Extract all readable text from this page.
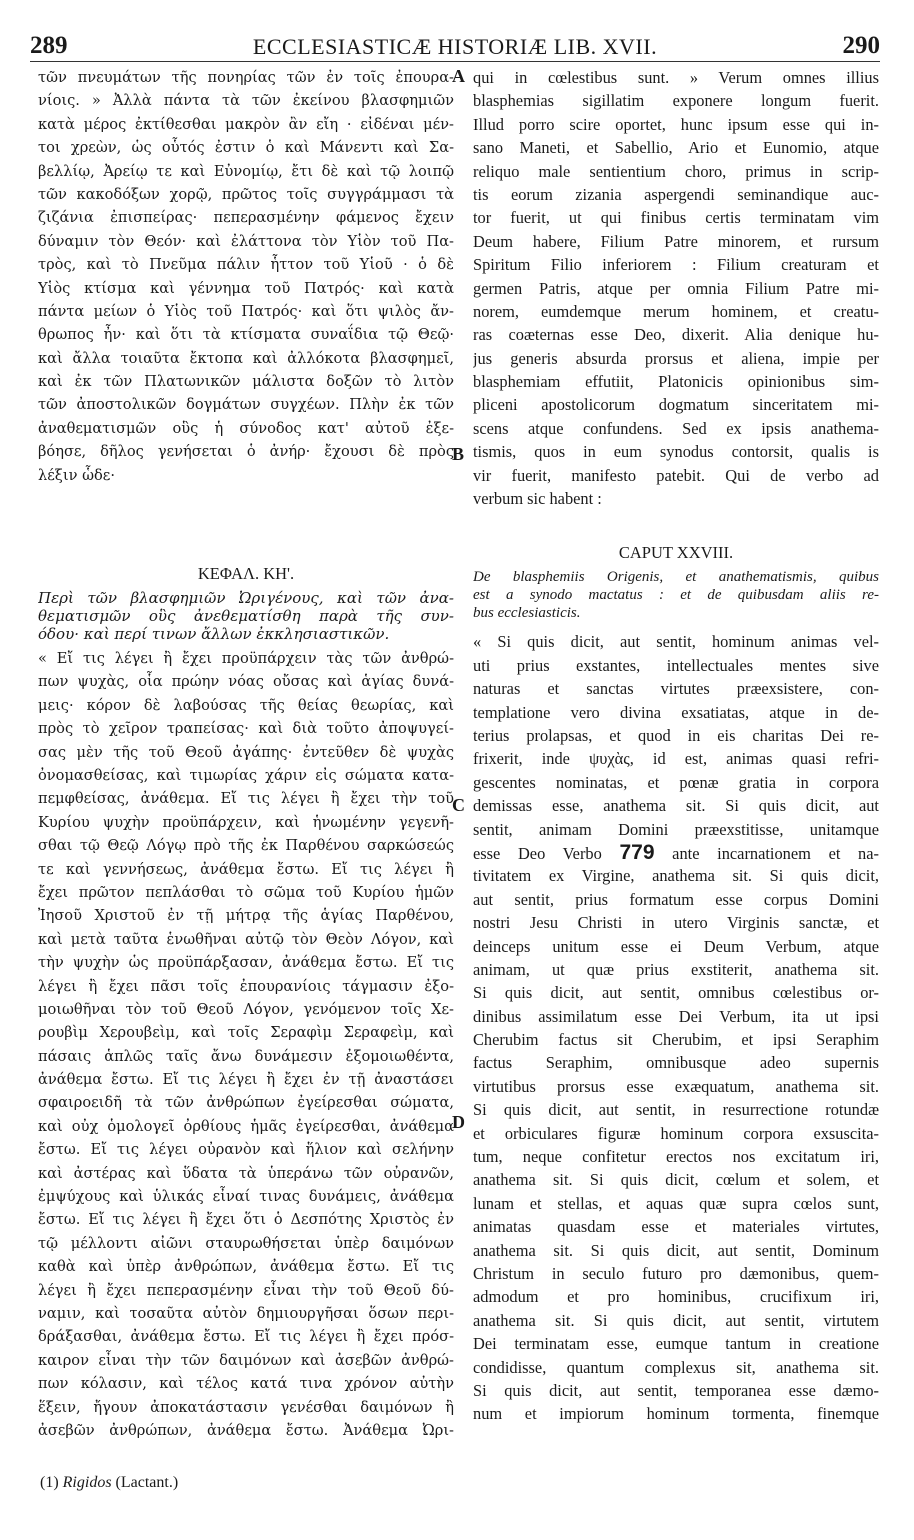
289	ECCLESIASTICÆ HISTORIÆ LIB. XVII.	290
A
B
C
D
τῶν πνευμάτων τῆς πονηρίας τῶν ἐν τοῖς ἐπουρα-
νίοις. » Ἀλλὰ πάντα τὰ τῶν ἐκείνου βλασφημιῶν
κατὰ μέρος ἐκτίθεσθαι μακρὸν ἂν εἴη · εἰδέναι μέν-
τοι χρεὼν, ὡς οὗτός ἐστιν ὁ καὶ Μάνεντι καὶ Σα-
βελλίῳ, Ἀρείῳ τε καὶ Εὐνομίῳ, ἔτι δὲ καὶ τῷ λοιπῷ
τῶν κακοδόξων χορῷ, πρῶτος τοῖς συγγράμμασι τὰ
ζιζάνια ἐπισπείρας· πεπερασμένην φάμενος ἔχειν
δύναμιν τὸν Θεόν· καὶ ἐλάττονα τὸν Υἱὸν τοῦ Πα-
τρὸς, καὶ τὸ Πνεῦμα πάλιν ἧττον τοῦ Υἱοῦ · ὁ δὲ
Υἱὸς κτίσμα καὶ γέννημα τοῦ Πατρός· καὶ κατὰ
πάντα μείων ὁ Υἱὸς τοῦ Πατρός· καὶ ὅτι ψιλὸς ἄν-
θρωπος ἦν· καὶ ὅτι τὰ κτίσματα συναΐδια τῷ Θεῷ·
καὶ ἄλλα τοιαῦτα ἔκτοπα καὶ ἀλλόκοτα βλασφημεῖ,
καὶ ἐκ τῶν Πλατωνικῶν μάλιστα δοξῶν τὸ λιτὸν
τῶν ἀποστολικῶν δογμάτων συγχέων. Πλὴν ἐκ τῶν
ἀναθεματισμῶν οὓς ἡ σύνοδος κατ' αὐτοῦ ἐξε-
βόησε, δῆλος γενήσεται ὁ ἀνήρ· ἔχουσι δὲ πρὸς
λέξιν ὧδε·
ΚΕΦΑΛ. ΚΗ'.
Περὶ τῶν βλασφημιῶν Ὠριγένους, καὶ τῶν ἀνα-
θεματισμῶν οὓς ἀνεθεματίσθη παρὰ τῆς συν-
όδου· καὶ περί τινων ἄλλων ἐκκλησιαστικῶν.
« Εἴ τις λέγει ἢ ἔχει προϋπάρχειν τὰς τῶν ἀνθρώ-
πων ψυχὰς, οἷα πρώην νόας οὔσας καὶ ἁγίας δυνά-
μεις· κόρον δὲ λαβούσας τῆς θείας θεωρίας, καὶ
πρὸς τὸ χεῖρον τραπείσας· καὶ διὰ τοῦτο ἀποψυγεί-
σας μὲν τῆς τοῦ Θεοῦ ἀγάπης· ἐντεῦθεν δὲ ψυχὰς
ὀνομασθείσας, καὶ τιμωρίας χάριν εἰς σώματα κατα-
πεμφθείσας, ἀνάθεμα. Εἴ τις λέγει ἢ ἔχει τὴν τοῦ
Κυρίου ψυχὴν προϋπάρχειν, καὶ ἡνωμένην γεγενῆ-
σθαι τῷ Θεῷ Λόγῳ πρὸ τῆς ἐκ Παρθένου σαρκώσεώς
τε καὶ γεννήσεως, ἀνάθεμα ἔστω. Εἴ τις λέγει ἢ
ἔχει πρῶτον πεπλάσθαι τὸ σῶμα τοῦ Κυρίου ἡμῶν
Ἰησοῦ Χριστοῦ ἐν τῇ μήτρᾳ τῆς ἁγίας Παρθένου,
καὶ μετὰ ταῦτα ἑνωθῆναι αὐτῷ τὸν Θεὸν Λόγον, καὶ
τὴν ψυχὴν ὡς προϋπάρξασαν, ἀνάθεμα ἔστω. Εἴ τις
λέγει ἢ ἔχει πᾶσι τοῖς ἐπουρανίοις τάγμασιν ἐξο-
μοιωθῆναι τὸν τοῦ Θεοῦ Λόγον, γενόμενον τοῖς Χε-
ρουβὶμ Χερουβεὶμ, καὶ τοῖς Σεραφὶμ Σεραφεὶμ, καὶ
πάσαις ἁπλῶς ταῖς ἄνω δυνάμεσιν ἐξομοιωθέντα,
ἀνάθεμα ἔστω. Εἴ τις λέγει ἢ ἔχει ἐν τῇ ἀναστάσει
σφαιροειδῆ τὰ τῶν ἀνθρώπων ἐγείρεσθαι σώματα,
καὶ οὐχ ὁμολογεῖ ὀρθίους ἡμᾶς ἐγείρεσθαι, ἀνάθεμα
ἔστω. Εἴ τις λέγει οὐρανὸν καὶ ἥλιον καὶ σελήνην
καὶ ἀστέρας καὶ ὕδατα τὰ ὑπεράνω τῶν οὐρανῶν,
ἐμψύχους καὶ ὑλικάς εἶναί τινας δυνάμεις, ἀνάθεμα
ἔστω. Εἴ τις λέγει ἢ ἔχει ὅτι ὁ Δεσπότης Χριστὸς ἐν
τῷ μέλλοντι αἰῶνι σταυρωθήσεται ὑπὲρ δαιμόνων
καθὰ καὶ ὑπὲρ ἀνθρώπων, ἀνάθεμα ἔστω. Εἴ τις
λέγει ἢ ἔχει πεπερασμένην εἶναι τὴν τοῦ Θεοῦ δύ-
ναμιν, καὶ τοσαῦτα αὐτὸν δημιουργῆσαι ὅσων περι-
δράξασθαι, ἀνάθεμα ἔστω. Εἴ τις λέγει ἢ ἔχει πρόσ-
καιρον εἶναι τὴν τῶν δαιμόνων καὶ ἀσεβῶν ἀνθρώ-
πων κόλασιν, καὶ τέλος κατά τινα χρόνον αὐτὴν
ἕξειν, ἤγουν ἀποκατάστασιν γενέσθαι δαιμόνων ἢ
ἀσεβῶν ἀνθρώπων, ἀνάθεμα ἔστω. Ἀνάθεμα Ὠρι-
qui in cœlestibus sunt. » Verum omnes illius
blasphemias sigillatim exponere longum fuerit.
Illud porro scire oportet, hunc ipsum esse qui in-
sano Maneti, et Sabellio, Ario et Eunomio, atque
reliquo male sentientium choro, primus in scrip-
tis eorum zizania aspergendi seminandique auc-
tor fuerit, ut qui finibus certis terminatam vim
Deum habere, Filium Patre minorem, et rursum
Spiritum Filio inferiorem : Filium creaturam et
germen Patris, atque per omnia Filium Patre mi-
norem, eumdemque merum hominem, et creatu-
ras coæternas esse Deo, dixerit. Alia denique hu-
jus generis absurda prorsus et aliena, impie per
blasphemiam effutiit, Platonicis opinionibus sim-
pliceni apostolicorum dogmatum sinceritatem mi-
scens atque confundens. Sed ex ipsis anathema-
tismis, quos in eum synodus contorsit, qualis is
vir fuerit, manifesto patebit. Qui de verbo ad
verbum sic habent :
CAPUT XXVIII.
De blasphemiis Origenis, et anathematismis, quibus
est a synodo mactatus : et de quibusdam aliis re-
bus ecclesiasticis.
« Si quis dicit, aut sentit, hominum animas vel-
uti prius exstantes, intellectuales mentes sive
naturas et sanctas virtutes præexsistere, con-
templatione vero divina exsatiatas, atque in de-
terius prolapsas, et quod in eis charitas Dei re-
frixerit, inde ψυχὰς, id est, animas quasi refri-
gescentes nominatas, et pœnæ gratia in corpora
demissas esse, anathema sit. Si quis dicit, aut
sentit, animam Domini præexstitisse, unitamque
esse Deo Verbo 779 ante incarnationem et na-
tivitatem ex Virgine, anathema sit. Si quis dicit,
aut sentit, prius formatum esse corpus Domini
nostri Jesu Christi in utero Virginis sanctæ, et
deinceps unitum esse ei Deum Verbum, atque
animam, ut quæ prius exstiterit, anathema sit.
Si quis dicit, aut sentit, omnibus cœlestibus or-
dinibus assimilatum esse Dei Verbum, ita ut ipsi
Cherubim factus sit Cherubim, et ipsi Seraphim
factus Seraphim, omnibusque adeo supernis
virtutibus prorsus esse exæquatum, anathema sit.
Si quis dicit, aut sentit, in resurrectione rotundæ
et orbiculares figuræ hominum corpora exsuscita-
tum, neque confitetur erectos nos excitatum iri,
anathema sit. Si quis dicit, cœlum et solem, et
lunam et stellas, et aquas quæ supra cœlos sunt,
animatas quasdam esse et materiales virtutes,
anathema sit. Si quis dicit, aut sentit, Dominum
Christum in seculo futuro pro dæmonibus, quem-
admodum et pro hominibus, crucifixum iri,
anathema sit. Si quis dicit, aut sentit, virtutem
Dei terminatam esse, eumque tantum in creatione
condidisse, quantum complexus sit, anathema sit.
Si quis dicit, aut sentit, temporanea esse dæmo-
num et impiorum hominum tormenta, finemque
(1) Rigidos (Lactant.)
